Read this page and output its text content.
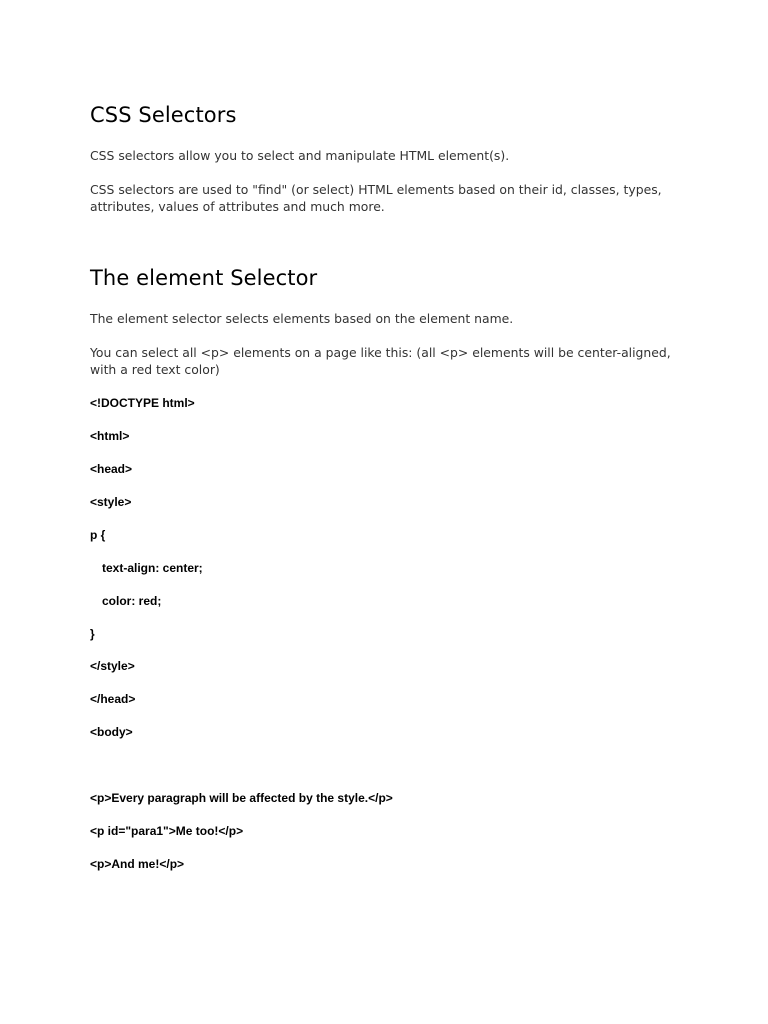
CSS Selectors

CSS selectors allow you to select and manipulate HTML element(s).

CSS selectors are used to "find" (or select) HTML elements based on their id, classes, types, attributes, values of attributes and much more.

The element Selector

The element selector selects elements based on the element name.

You can select all <p> elements on a page like this: (all <p> elements will be center-aligned, with a red text color)

<!DOCTYPE html>
<html>
<head>
<style>
p {
text-align: center;
color: red;
}
</style>
</head>
<body>
<p>Every paragraph will be affected by the style.</p>
<p id="para1">Me too!</p>
<p>And me!</p>
